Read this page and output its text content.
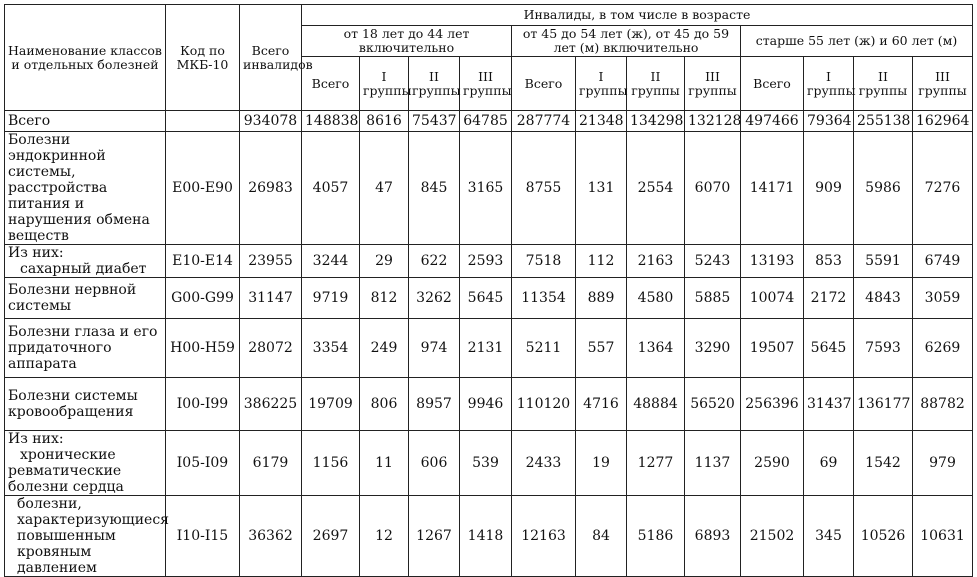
Наименование классов и отдельных болезней	Код по МКБ-10	Всего инвалидов	Инвалиды, в том числе в возрасте											
			от 18 лет до 44 лет включительно				от 45 до 54 лет (ж), от 45 до 59 лет (м) включительно				старше 55 лет (ж) и 60 лет (м)			
			Всего	I группы	II группы	III группы	Всего	I группы	II группы	III группы	Всего	I группы	II группы	III группы
Всего		934078	148838	8616	75437	64785	287774	21348	134298	132128	497466	79364	255138	162964
Болезни эндокринной системы, расстройства питания и нарушения обмена веществ	E00-E90	26983	4057	47	845	3165	8755	131	2554	6070	14171	909	5986	7276
Из них:
сахарный диабет	E10-E14	23955	3244	29	622	2593	7518	112	2163	5243	13193	853	5591	6749
Болезни нервной системы	G00-G99	31147	9719	812	3262	5645	11354	889	4580	5885	10074	2172	4843	3059
Болезни глаза и его придаточного аппарата	H00-H59	28072	3354	249	974	2131	5211	557	1364	3290	19507	5645	7593	6269
Болезни системы кровообращения	I00-I99	386225	19709	806	8957	9946	110120	4716	48884	56520	256396	31437	136177	88782
Из них:
хронические ревматические болезни сердца	I05-I09	6179	1156	11	606	539	2433	19	1277	1137	2590	69	1542	979
болезни, характеризующиеся повышенным кровяным давлением	I10-I15	36362	2697	12	1267	1418	12163	84	5186	6893	21502	345	10526	10631
